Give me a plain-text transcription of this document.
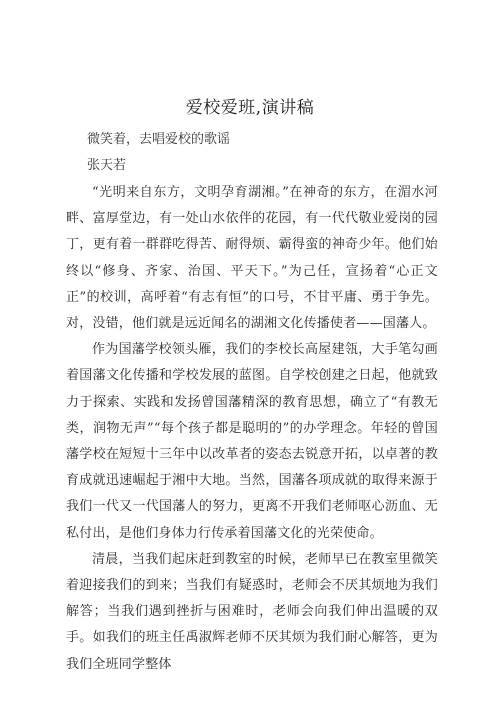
爱校爱班,演讲稿
微笑着，去唱爱校的歌谣
张天若

“光明来自东方，文明孕育湖湘。”在神奇的东方，在湄水河畔、富厚堂边，有一处山水依伴的花园，有一代代敬业爱岗的园丁，更有着一群群吃得苦、耐得烦、霸得蛮的神奇少年。他们始终以“修身、齐家、治国、平天下。”为己任，宣扬着“心正文正”的校训，高呼着“有志有恒”的口号，不甘平庸、勇于争先。对，没错，他们就是远近闻名的湖湘文化传播使者——国藩人。

作为国藩学校领头雁，我们的李校长高屋建瓴，大手笔勾画着国藩文化传播和学校发展的蓝图。自学校创建之日起，他就致力于探索、实践和发扬曾国藩精深的教育思想，确立了“有教无类，润物无声”“每个孩子都是聪明的”的办学理念。年轻的曾国藩学校在短短十三年中以改革者的姿态去锐意开拓，以卓著的教育成就迅速崛起于湘中大地。当然，国藩各项成就的取得来源于我们一代又一代国藩人的努力，更离不开我们老师呕心沥血、无私付出，是他们身体力行传承着国藩文化的光荣使命。

清晨，当我们起床赶到教室的时候，老师早已在教室里微笑着迎接我们的到来；当我们有疑惑时，老师会不厌其烦地为我们解答；当我们遇到挫折与困难时，老师会向我们伸出温暖的双手。如我们的班主任禹淑辉老师不厌其烦为我们耐心解答，更为我们全班同学整体
